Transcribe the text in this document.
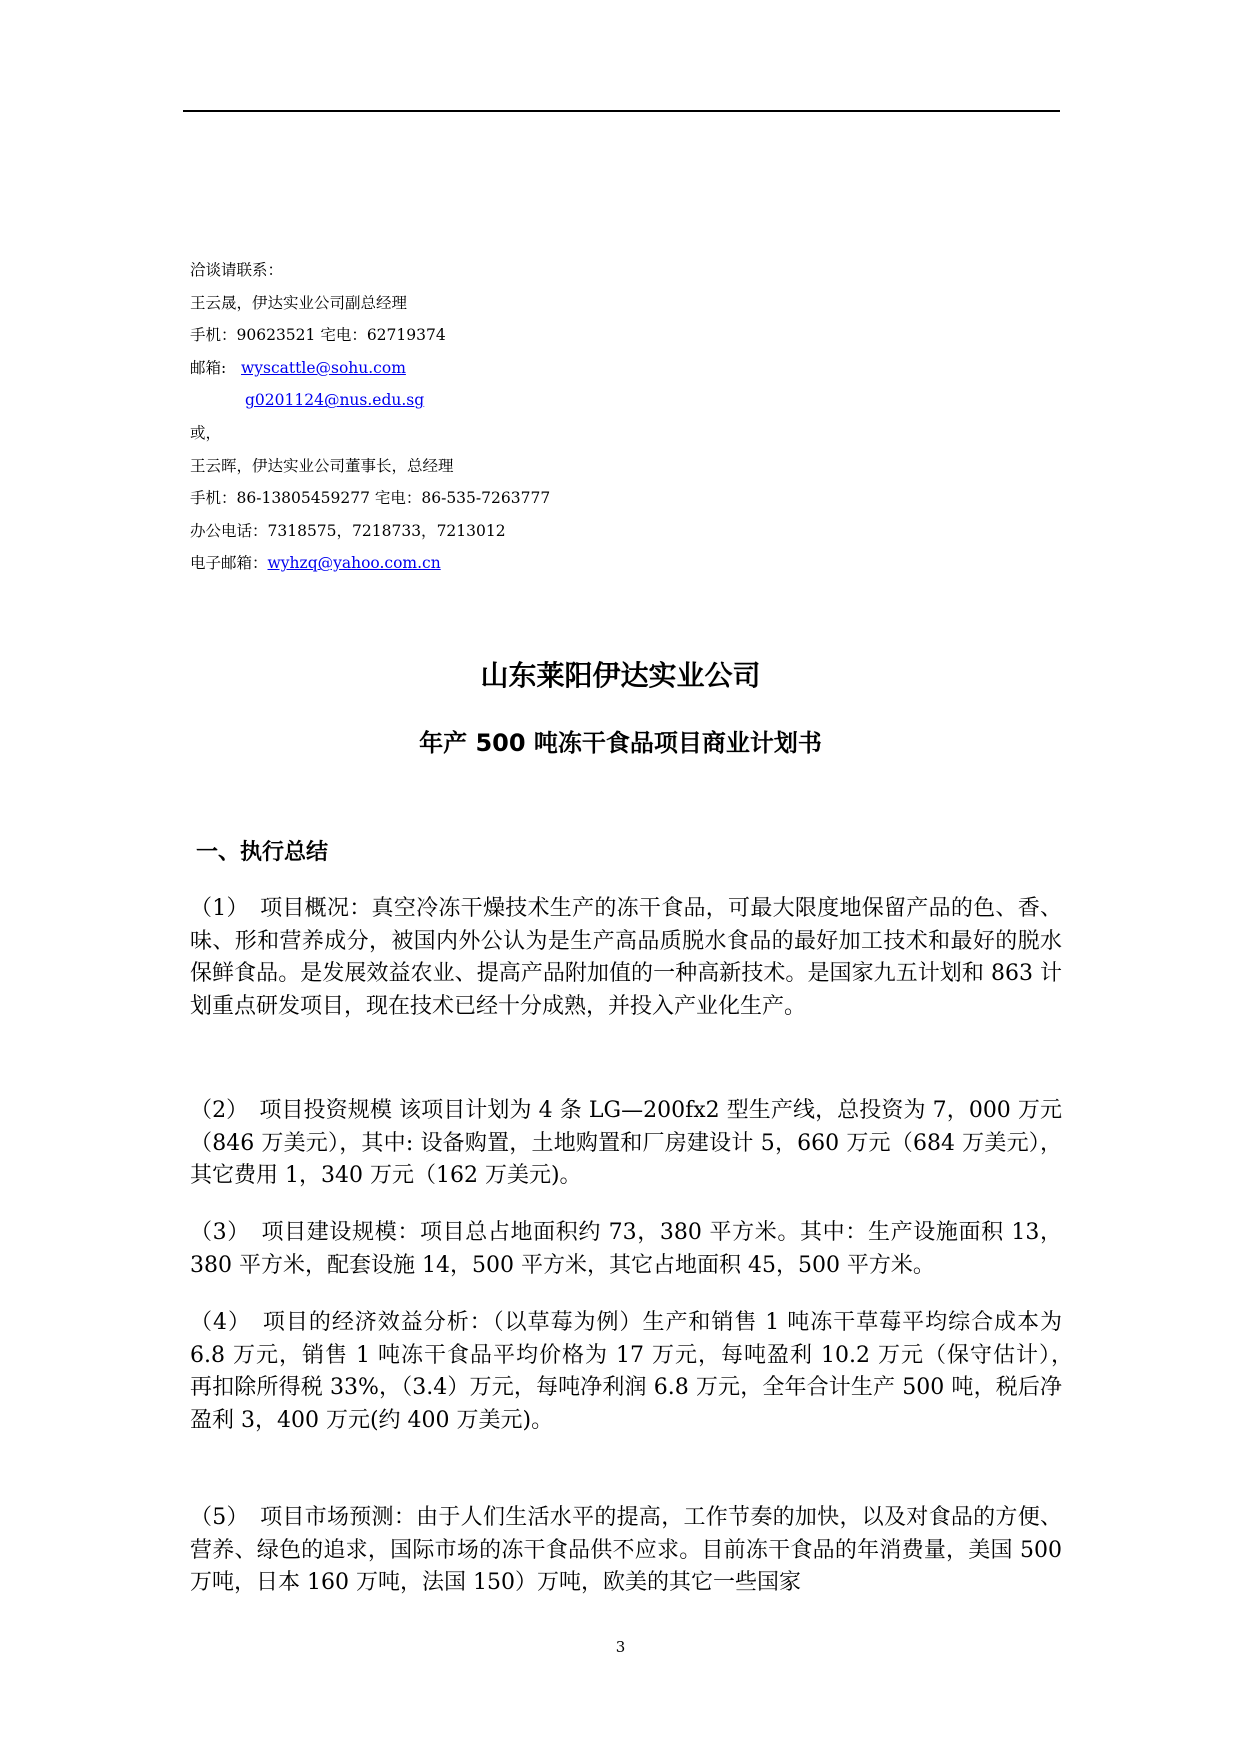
洽谈请联系：
王云晟，伊达实业公司副总经理
手机：90623521 宅电：62719374
邮箱: wyscattle@sohu.com
g0201124@nus.edu.sg
或，
王云晖，伊达实业公司董事长，总经理
手机：86-13805459277 宅电：86-535-7263777
办公电话：7318575，7218733，7213012
电子邮箱：wyhzq@yahoo.com.cn
山东莱阳伊达实业公司
年产 500 吨冻干食品项目商业计划书
一、执行总结

（1）　项目概况：真空冷冻干燥技术生产的冻干食品，可最大限度地保留产品的色、香、味、形和营养成分，被国内外公认为是生产高品质脱水食品的最好加工技术和最好的脱水保鲜食品。是发展效益农业、提高产品附加值的一种高新技术。是国家九五计划和 863 计划重点研发项目，现在技术已经十分成熟，并投入产业化生产。

（2）　项目投资规模 该项目计划为 4 条 LG—200fx2 型生产线，总投资为 7，000 万元（846 万美元），其中: 设备购置，土地购置和厂房建设计 5，660 万元（684 万美元），其它费用 1，340 万元（162 万美元)。

（3）　项目建设规模：项目总占地面积约 73，380 平方米。其中：生产设施面积 13，380 平方米，配套设施 14，500 平方米，其它占地面积 45，500 平方米。

（4）　项目的经济效益分析：（以草莓为例）生产和销售 1 吨冻干草莓平均综合成本为 6.8 万元，销售 1 吨冻干食品平均价格为 17 万元，每吨盈利 10.2 万元（保守估计），　再扣除所得税 33%，（3.4）万元，每吨净利润 6.8 万元，全年合计生产 500 吨，税后净盈利 3，400 万元(约 400 万美元)。

（5）　项目市场预测：由于人们生活水平的提高，工作节奏的加快，以及对食品的方便、营养、绿色的追求，国际市场的冻干食品供不应求。目前冻干食品的年消费量，美国 500 万吨，日本 160 万吨，法国 150）万吨，欧美的其它一些国家

3
